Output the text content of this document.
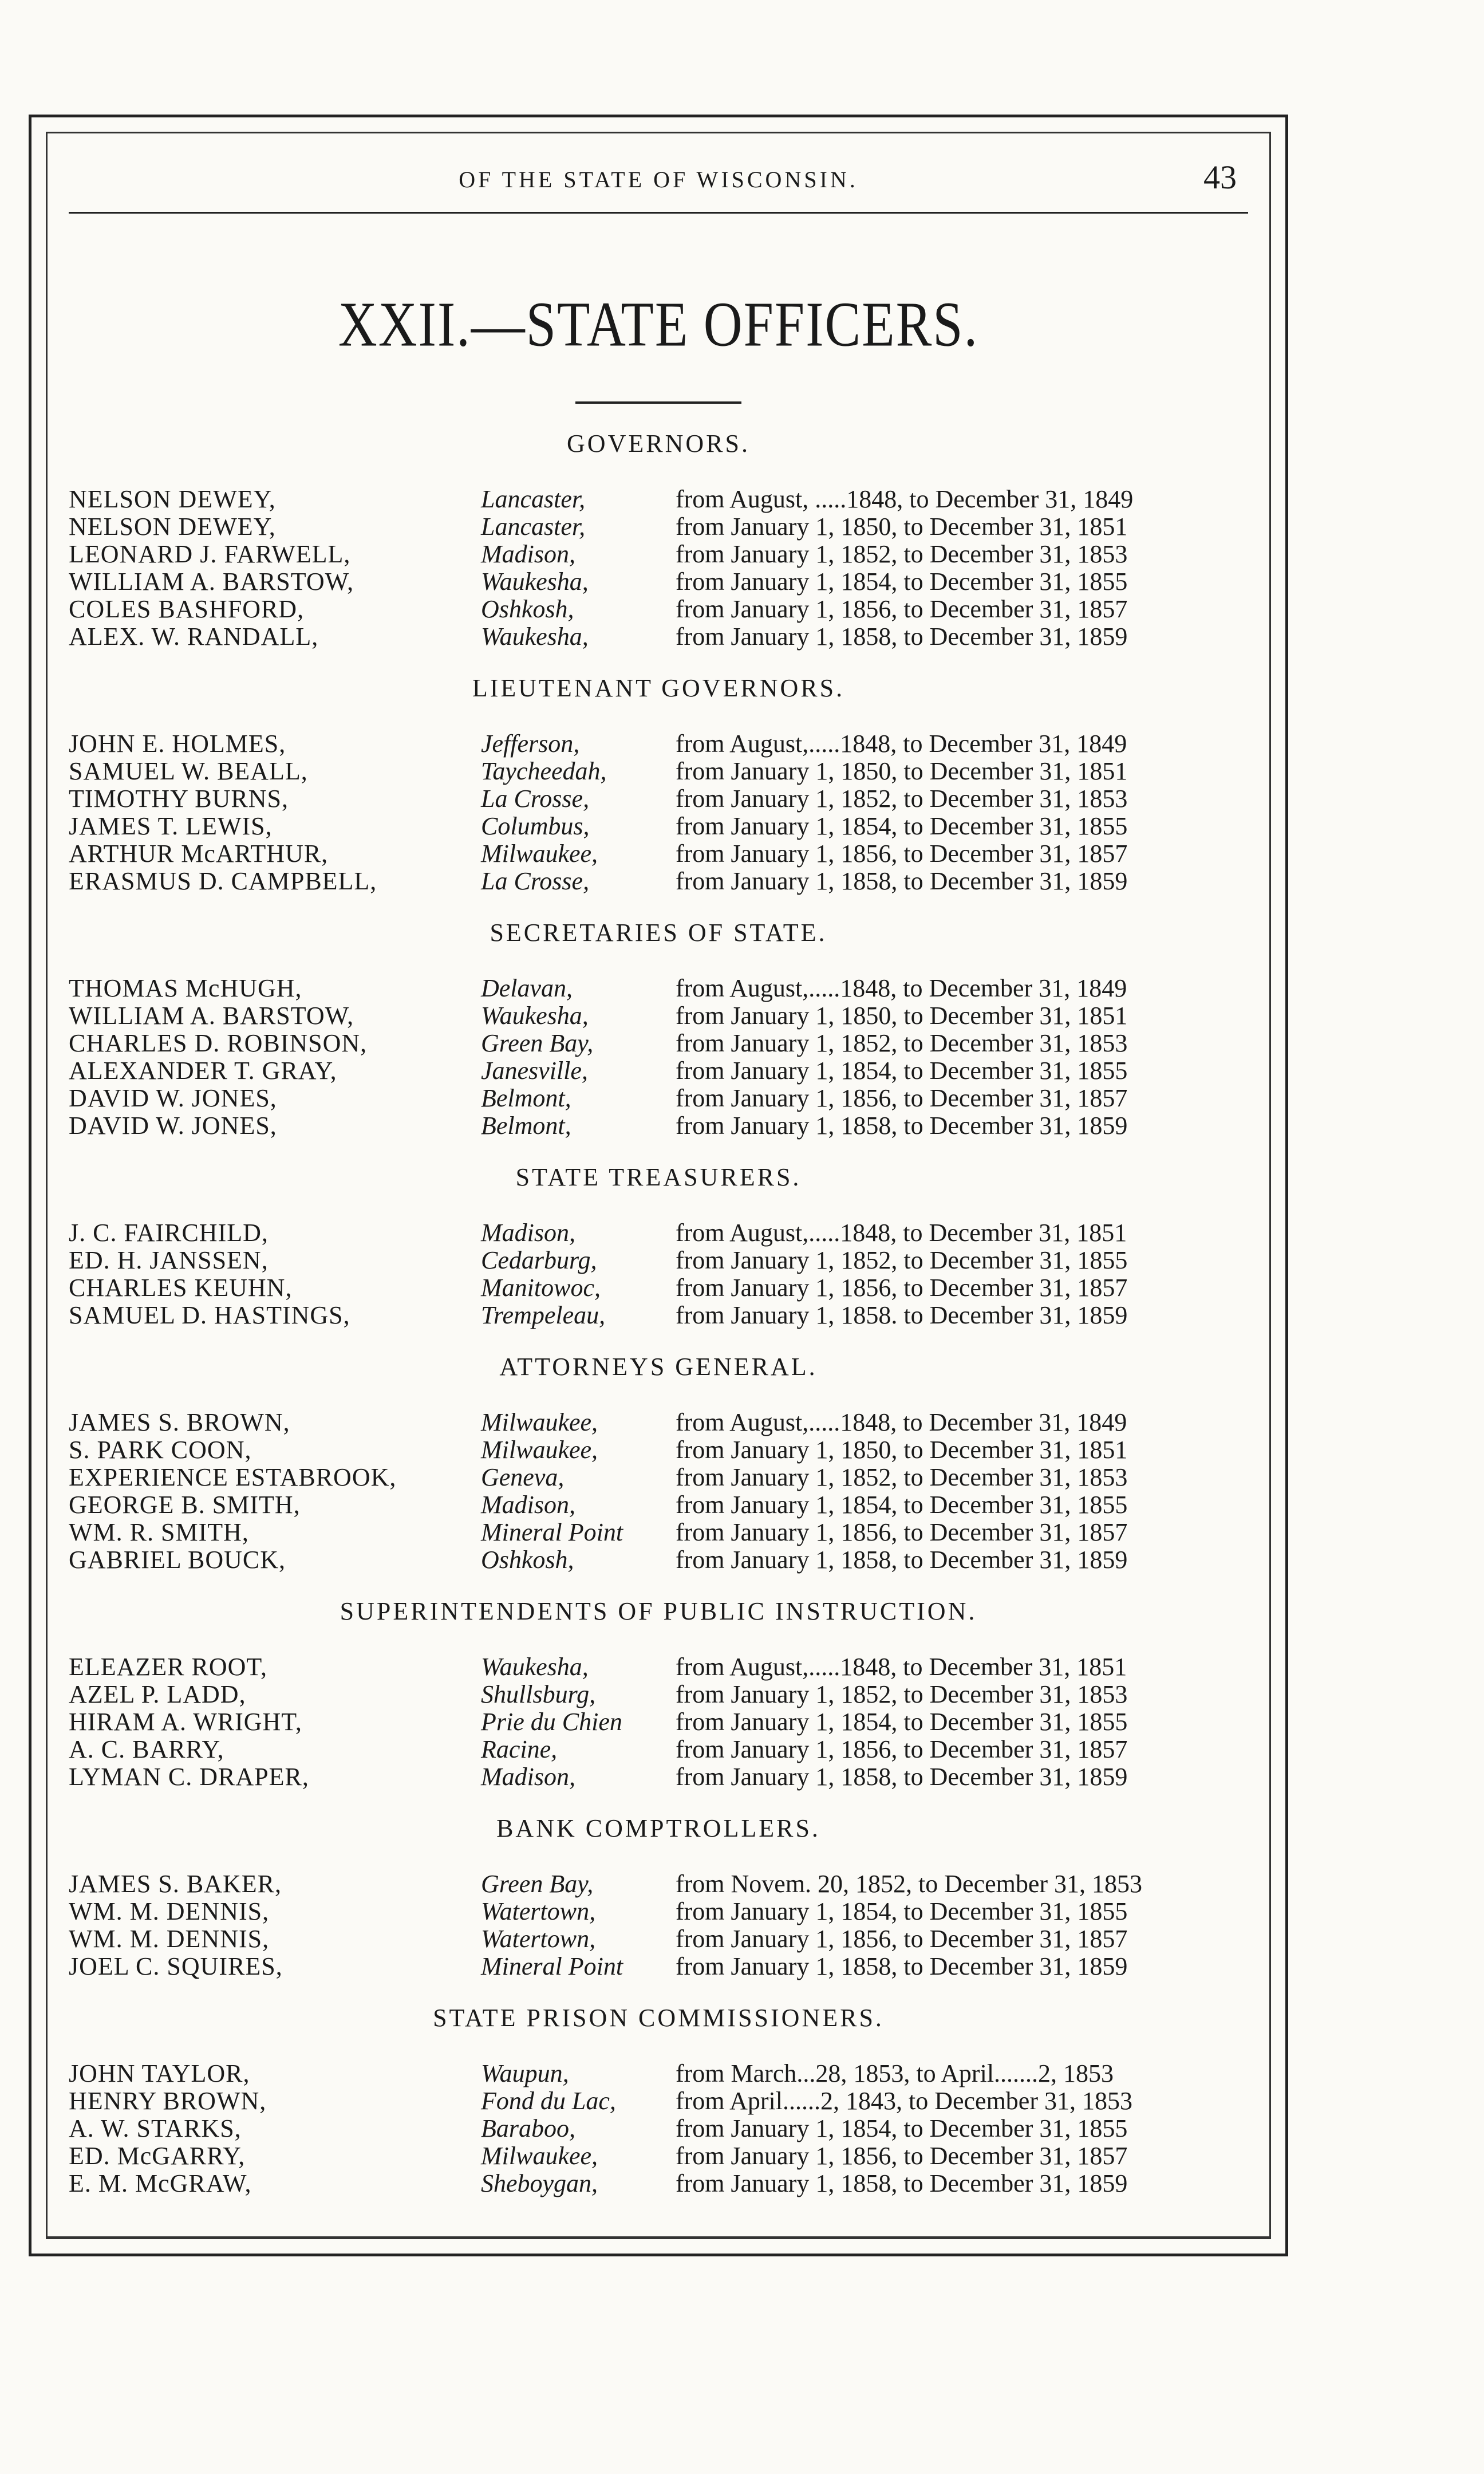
OF THE STATE OF WISCONSIN.	43
XXII.—STATE OFFICERS.
GOVERNORS.
NELSON DEWEY,	Lancaster,	from August, .....1848, to December 31, 1849
NELSON DEWEY,	Lancaster,	from January 1, 1850, to December 31, 1851
LEONARD J. FARWELL,	Madison,	from January 1, 1852, to December 31, 1853
WILLIAM A. BARSTOW,	Waukesha,	from January 1, 1854, to December 31, 1855
COLES BASHFORD,	Oshkosh,	from January 1, 1856, to December 31, 1857
ALEX. W. RANDALL,	Waukesha,	from January 1, 1858, to December 31, 1859
LIEUTENANT GOVERNORS.
JOHN E. HOLMES,	Jefferson,	from August,.....1848, to December 31, 1849
SAMUEL W. BEALL,	Taycheedah,	from January 1, 1850, to December 31, 1851
TIMOTHY BURNS,	La Crosse,	from January 1, 1852, to December 31, 1853
JAMES T. LEWIS,	Columbus,	from January 1, 1854, to December 31, 1855
ARTHUR McARTHUR,	Milwaukee,	from January 1, 1856, to December 31, 1857
ERASMUS D. CAMPBELL,	La Crosse,	from January 1, 1858, to December 31, 1859
SECRETARIES OF STATE.
THOMAS McHUGH,	Delavan,	from August,.....1848, to December 31, 1849
WILLIAM A. BARSTOW,	Waukesha,	from January 1, 1850, to December 31, 1851
CHARLES D. ROBINSON,	Green Bay,	from January 1, 1852, to December 31, 1853
ALEXANDER T. GRAY,	Janesville,	from January 1, 1854, to December 31, 1855
DAVID W. JONES,	Belmont,	from January 1, 1856, to December 31, 1857
DAVID W. JONES,	Belmont,	from January 1, 1858, to December 31, 1859
STATE TREASURERS.
J. C. FAIRCHILD,	Madison,	from August,.....1848, to December 31, 1851
ED. H. JANSSEN,	Cedarburg,	from January 1, 1852, to December 31, 1855
CHARLES KEUHN,	Manitowoc,	from January 1, 1856, to December 31, 1857
SAMUEL D. HASTINGS,	Trempeleau,	from January 1, 1858. to December 31, 1859
ATTORNEYS GENERAL.
JAMES S. BROWN,	Milwaukee,	from August,.....1848, to December 31, 1849
S. PARK COON,	Milwaukee,	from January 1, 1850, to December 31, 1851
EXPERIENCE ESTABROOK,	Geneva,	from January 1, 1852, to December 31, 1853
GEORGE B. SMITH,	Madison,	from January 1, 1854, to December 31, 1855
WM. R. SMITH,	Mineral Point	from January 1, 1856, to December 31, 1857
GABRIEL BOUCK,	Oshkosh,	from January 1, 1858, to December 31, 1859
SUPERINTENDENTS OF PUBLIC INSTRUCTION.
ELEAZER ROOT,	Waukesha,	from August,.....1848, to December 31, 1851
AZEL P. LADD,	Shullsburg,	from January 1, 1852, to December 31, 1853
HIRAM A. WRIGHT,	Prie du Chien	from January 1, 1854, to December 31, 1855
A. C. BARRY,	Racine,	from January 1, 1856, to December 31, 1857
LYMAN C. DRAPER,	Madison,	from January 1, 1858, to December 31, 1859
BANK COMPTROLLERS.
JAMES S. BAKER,	Green Bay,	from Novem. 20, 1852, to December 31, 1853
WM. M. DENNIS,	Watertown,	from January 1, 1854, to December 31, 1855
WM. M. DENNIS,	Watertown,	from January 1, 1856, to December 31, 1857
JOEL C. SQUIRES,	Mineral Point	from January 1, 1858, to December 31, 1859
STATE PRISON COMMISSIONERS.
JOHN TAYLOR,	Waupun,	from March...28, 1853, to April.......2, 1853
HENRY BROWN,	Fond du Lac,	from April......2, 1843, to December 31, 1853
A. W. STARKS,	Baraboo,	from January 1, 1854, to December 31, 1855
ED. McGARRY,	Milwaukee,	from January 1, 1856, to December 31, 1857
E. M. McGRAW,	Sheboygan,	from January 1, 1858, to December 31, 1859
